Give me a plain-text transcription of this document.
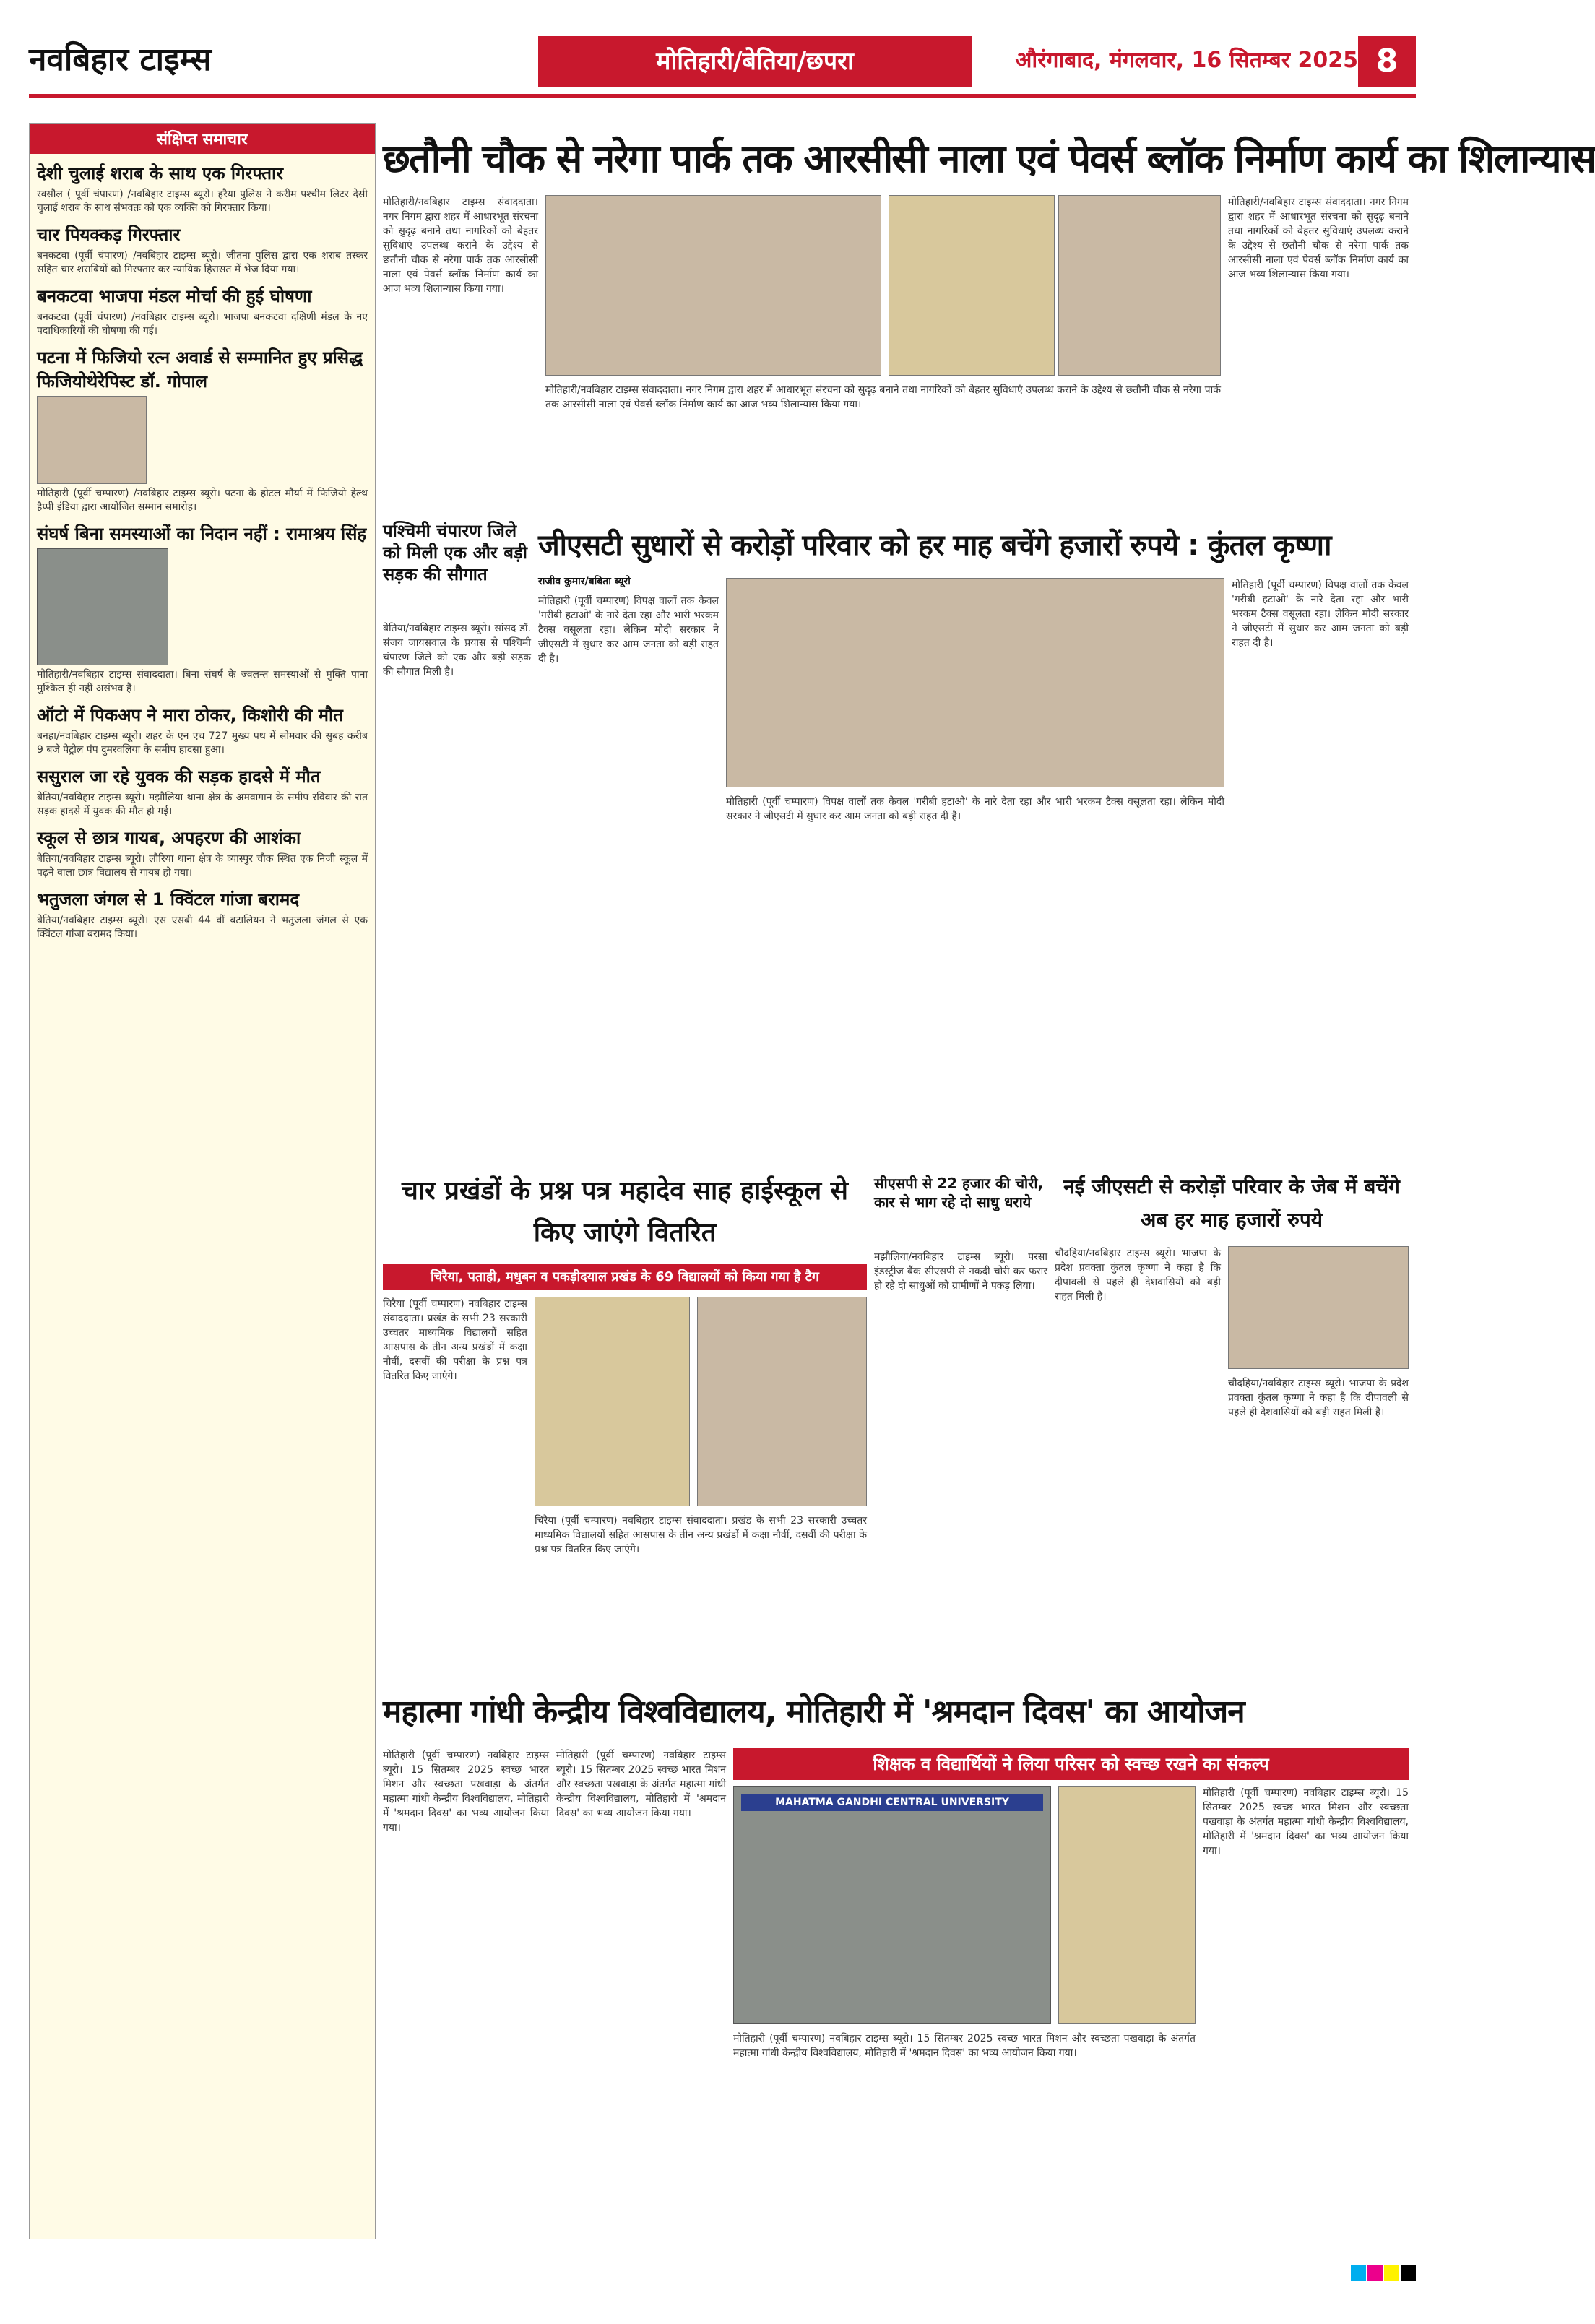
नवबिहार टाइम्स	मोतिहारी/बेतिया/छपरा	औरंगाबाद, मंगलवार, 16 सितम्बर 2025 8
संक्षिप्त समाचार
देशी चुलाई शराब के साथ एक गिरफ्तार

रक्सौल ( पूर्वी चंपारण) /नवबिहार टाइम्स ब्यूरो। हरैया पुलिस ने करीम पश्चीम लिटर देसी चुलाई शराब के साथ संभवतः को एक व्यक्ति को गिरफ्तार किया।

चार पियक्कड़ गिरफ्तार

बनकटवा (पूर्वी चंपारण) /नवबिहार टाइम्स ब्यूरो। जीतना पुलिस द्वारा एक शराब तस्कर सहित चार शराबियों को गिरफ्तार कर न्यायिक हिरासत में भेज दिया गया।

बनकटवा भाजपा मंडल मोर्चा की हुई घोषणा

बनकटवा (पूर्वी चंपारण) /नवबिहार टाइम्स ब्यूरो। भाजपा बनकटवा दक्षिणी मंडल के नए पदाधिकारियों की घोषणा की गई।

पटना में फिजियो रत्न अवार्ड से सम्मानित हुए प्रसिद्ध फिजियोथेरेपिस्ट डॉ. गोपाल

मोतिहारी (पूर्वी चम्पारण) /नवबिहार टाइम्स ब्यूरो। पटना के होटल मौर्या में फिजियो हेल्थ हैप्पी इंडिया द्वारा आयोजित सम्मान समारोह।

संघर्ष बिना समस्याओं का निदान नहीं : रामाश्रय सिंह

मोतिहारी/नवबिहार टाइम्स संवाददाता। बिना संघर्ष के ज्वलन्त समस्याओं से मुक्ति पाना मुश्किल ही नहीं असंभव है।

ऑटो में पिकअप ने मारा ठोकर, किशोरी की मौत

बनहा/नवबिहार टाइम्स ब्यूरो। शहर के एन एच 727 मुख्य पथ में सोमवार की सुबह करीब 9 बजे पेट्रोल पंप दुमरवलिया के समीप हादसा हुआ।

ससुराल जा रहे युवक की सड़क हादसे में मौत

बेतिया/नवबिहार टाइम्स ब्यूरो। मझौलिया थाना क्षेत्र के अमवागान के समीप रविवार की रात सड़क हादसे में युवक की मौत हो गई।

स्कूल से छात्र गायब, अपहरण की आशंका

बेतिया/नवबिहार टाइम्स ब्यूरो। लौरिया थाना क्षेत्र के व्यास्पुर चौक स्थित एक निजी स्कूल में पढ़ने वाला छात्र विद्यालय से गायब हो गया।

भतुजला जंगल से 1 क्विंटल गांजा बरामद

बेतिया/नवबिहार टाइम्स ब्यूरो। एस एसबी 44 वीं बटालियन ने भतुजला जंगल से एक क्विंटल गांजा बरामद किया।

छतौनी चौक से नरेगा पार्क तक आरसीसी नाला एवं पेवर्स ब्लॉक निर्माण कार्य का शिलान्यास
मोतिहारी/नवबिहार टाइम्स संवाददाता। नगर निगम द्वारा शहर में आधारभूत संरचना को सुदृढ़ बनाने तथा नागरिकों को बेहतर सुविधाएं उपलब्ध कराने के उद्देश्य से छतौनी चौक से नरेगा पार्क तक आरसीसी नाला एवं पेवर्स ब्लॉक निर्माण कार्य का आज भव्य शिलान्यास किया गया।
मोतिहारी/नवबिहार टाइम्स संवाददाता। नगर निगम द्वारा शहर में आधारभूत संरचना को सुदृढ़ बनाने तथा नागरिकों को बेहतर सुविधाएं उपलब्ध कराने के उद्देश्य से छतौनी चौक से नरेगा पार्क तक आरसीसी नाला एवं पेवर्स ब्लॉक निर्माण कार्य का आज भव्य शिलान्यास किया गया।
मोतिहारी/नवबिहार टाइम्स संवाददाता। नगर निगम द्वारा शहर में आधारभूत संरचना को सुदृढ़ बनाने तथा नागरिकों को बेहतर सुविधाएं उपलब्ध कराने के उद्देश्य से छतौनी चौक से नरेगा पार्क तक आरसीसी नाला एवं पेवर्स ब्लॉक निर्माण कार्य का आज भव्य शिलान्यास किया गया।
पश्चिमी चंपारण जिले को मिली एक और बड़ी सड़क की सौगात
बेतिया/नवबिहार टाइम्स ब्यूरो। सांसद डॉ. संजय जायसवाल के प्रयास से पश्चिमी चंपारण जिले को एक और बड़ी सड़क की सौगात मिली है।
जीएसटी सुधारों से करोड़ों परिवार को हर माह बचेंगे हजारों रुपये : कुंतल कृष्णा
राजीव कुमार/बबिता ब्यूरो
मोतिहारी (पूर्वी चम्पारण) विपक्ष वालों तक केवल 'गरीबी हटाओ' के नारे देता रहा और भारी भरकम टैक्स वसूलता रहा। लेकिन मोदी सरकार ने जीएसटी में सुधार कर आम जनता को बड़ी राहत दी है।
मोतिहारी (पूर्वी चम्पारण) विपक्ष वालों तक केवल 'गरीबी हटाओ' के नारे देता रहा और भारी भरकम टैक्स वसूलता रहा। लेकिन मोदी सरकार ने जीएसटी में सुधार कर आम जनता को बड़ी राहत दी है।
मोतिहारी (पूर्वी चम्पारण) विपक्ष वालों तक केवल 'गरीबी हटाओ' के नारे देता रहा और भारी भरकम टैक्स वसूलता रहा। लेकिन मोदी सरकार ने जीएसटी में सुधार कर आम जनता को बड़ी राहत दी है।
चार प्रखंडों के प्रश्न पत्र महादेव साह हाईस्कूल से किए जाएंगे वितरित
चिरैया, पताही, मधुबन व पकड़ीदयाल प्रखंड के 69 विद्यालयों को किया गया है टैग
चिरैया (पूर्वी चम्पारण) नवबिहार टाइम्स संवाददाता। प्रखंड के सभी 23 सरकारी उच्चतर माध्यमिक विद्यालयों सहित आसपास के तीन अन्य प्रखंडों में कक्षा नौवीं, दसवीं की परीक्षा के प्रश्न पत्र वितरित किए जाएंगे।
चिरैया (पूर्वी चम्पारण) नवबिहार टाइम्स संवाददाता। प्रखंड के सभी 23 सरकारी उच्चतर माध्यमिक विद्यालयों सहित आसपास के तीन अन्य प्रखंडों में कक्षा नौवीं, दसवीं की परीक्षा के प्रश्न पत्र वितरित किए जाएंगे।
सीएसपी से 22 हजार की चोरी, कार से भाग रहे दो साधु धराये
मझौलिया/नवबिहार टाइम्स ब्यूरो। परसा इंडस्ट्रीज बैंक सीएसपी से नकदी चोरी कर फरार हो रहे दो साधुओं को ग्रामीणों ने पकड़ लिया।
नई जीएसटी से करोड़ों परिवार के जेब में बचेंगे अब हर माह हजारों रुपये
चौदहिया/नवबिहार टाइम्स ब्यूरो। भाजपा के प्रदेश प्रवक्ता कुंतल कृष्णा ने कहा है कि दीपावली से पहले ही देशवासियों को बड़ी राहत मिली है।
चौदहिया/नवबिहार टाइम्स ब्यूरो। भाजपा के प्रदेश प्रवक्ता कुंतल कृष्णा ने कहा है कि दीपावली से पहले ही देशवासियों को बड़ी राहत मिली है।
महात्मा गांधी केन्द्रीय विश्वविद्यालय, मोतिहारी में 'श्रमदान दिवस' का आयोजन
मोतिहारी (पूर्वी चम्पारण) नवबिहार टाइम्स ब्यूरो। 15 सितम्बर 2025 स्वच्छ भारत मिशन और स्वच्छता पखवाड़ा के अंतर्गत महात्मा गांधी केन्द्रीय विश्वविद्यालय, मोतिहारी में 'श्रमदान दिवस' का भव्य आयोजन किया गया।
मोतिहारी (पूर्वी चम्पारण) नवबिहार टाइम्स ब्यूरो। 15 सितम्बर 2025 स्वच्छ भारत मिशन और स्वच्छता पखवाड़ा के अंतर्गत महात्मा गांधी केन्द्रीय विश्वविद्यालय, मोतिहारी में 'श्रमदान दिवस' का भव्य आयोजन किया गया।
शिक्षक व विद्यार्थियों ने लिया परिसर को स्वच्छ रखने का संकल्प
MAHATMA GANDHI CENTRAL UNIVERSITY
मोतिहारी (पूर्वी चम्पारण) नवबिहार टाइम्स ब्यूरो। 15 सितम्बर 2025 स्वच्छ भारत मिशन और स्वच्छता पखवाड़ा के अंतर्गत महात्मा गांधी केन्द्रीय विश्वविद्यालय, मोतिहारी में 'श्रमदान दिवस' का भव्य आयोजन किया गया।
मोतिहारी (पूर्वी चम्पारण) नवबिहार टाइम्स ब्यूरो। 15 सितम्बर 2025 स्वच्छ भारत मिशन और स्वच्छता पखवाड़ा के अंतर्गत महात्मा गांधी केन्द्रीय विश्वविद्यालय, मोतिहारी में 'श्रमदान दिवस' का भव्य आयोजन किया गया।
